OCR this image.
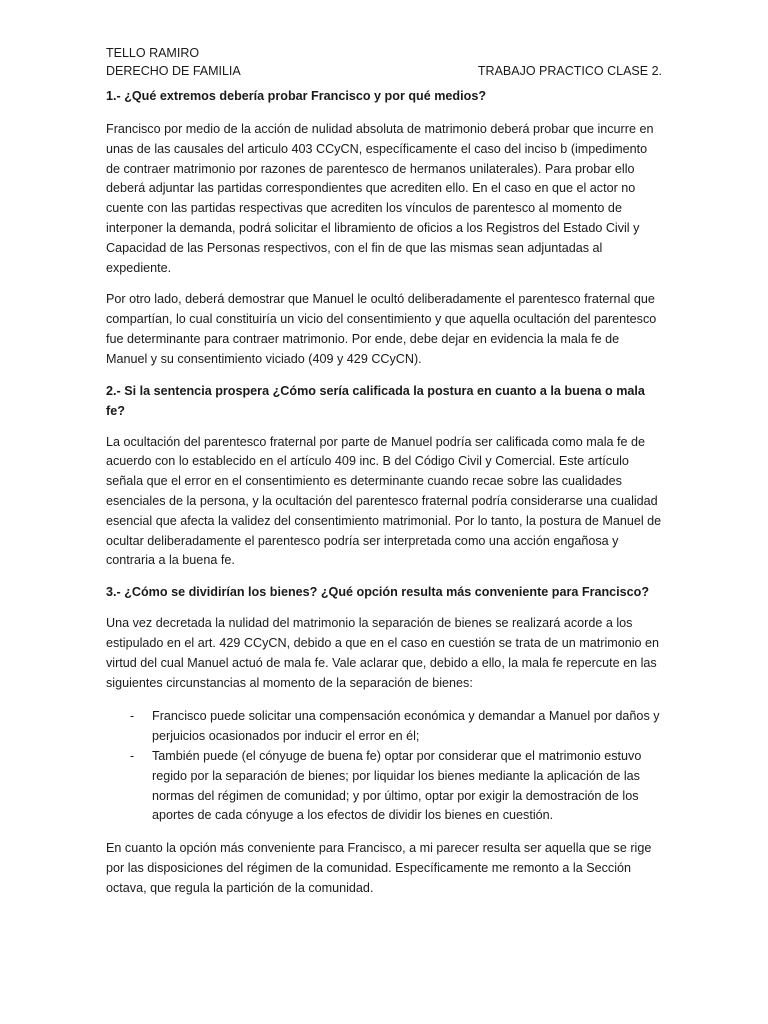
TELLO RAMIRO
DERECHO DE FAMILIA	TRABAJO PRACTICO CLASE 2.

1.- ¿Qué extremos debería probar Francisco y por qué medios?

Francisco por medio de la acción de nulidad absoluta de matrimonio deberá probar que incurre en unas de las causales del articulo 403 CCyCN, específicamente el caso del inciso b (impedimento de contraer matrimonio por razones de parentesco de hermanos unilaterales). Para probar ello deberá adjuntar las partidas correspondientes que acrediten ello. En el caso en que el actor no cuente con las partidas respectivas que acrediten los vínculos de parentesco al momento de interponer la demanda, podrá solicitar el libramiento de oficios a los Registros del Estado Civil y Capacidad de las Personas respectivos, con el fin de que las mismas sean adjuntadas al expediente.

Por otro lado, deberá demostrar que Manuel le ocultó deliberadamente el parentesco fraternal que compartían, lo cual constituiría un vicio del consentimiento y que aquella ocultación del parentesco fue determinante para contraer matrimonio. Por ende, debe dejar en evidencia la mala fe de Manuel y su consentimiento viciado (409 y 429 CCyCN).

2.- Si la sentencia prospera ¿Cómo sería calificada la postura en cuanto a la buena o mala fe?

La ocultación del parentesco fraternal por parte de Manuel podría ser calificada como mala fe de acuerdo con lo establecido en el artículo 409 inc. B del Código Civil y Comercial. Este artículo señala que el error en el consentimiento es determinante cuando recae sobre las cualidades esenciales de la persona, y la ocultación del parentesco fraternal podría considerarse una cualidad esencial que afecta la validez del consentimiento matrimonial. Por lo tanto, la postura de Manuel de ocultar deliberadamente el parentesco podría ser interpretada como una acción engañosa y contraria a la buena fe.

3.- ¿Cómo se dividirían los bienes? ¿Qué opción resulta más conveniente para Francisco?

Una vez decretada la nulidad del matrimonio la separación de bienes se realizará acorde a los estipulado en el art. 429 CCyCN, debido a que en el caso en cuestión se trata de un matrimonio en virtud del cual Manuel actuó de mala fe. Vale aclarar que, debido a ello, la mala fe repercute en las siguientes circunstancias al momento de la separación de bienes:

- Francisco puede solicitar una compensación económica y demandar a Manuel por daños y perjuicios ocasionados por inducir el error en él;
- También puede (el cónyuge de buena fe) optar por considerar que el matrimonio estuvo regido por la separación de bienes; por liquidar los bienes mediante la aplicación de las normas del régimen de comunidad; y por último, optar por exigir la demostración de los aportes de cada cónyuge a los efectos de dividir los bienes en cuestión.

En cuanto la opción más conveniente para Francisco, a mi parecer resulta ser aquella que se rige por las disposiciones del régimen de la comunidad. Específicamente me remonto a la Sección octava, que regula la partición de la comunidad.
